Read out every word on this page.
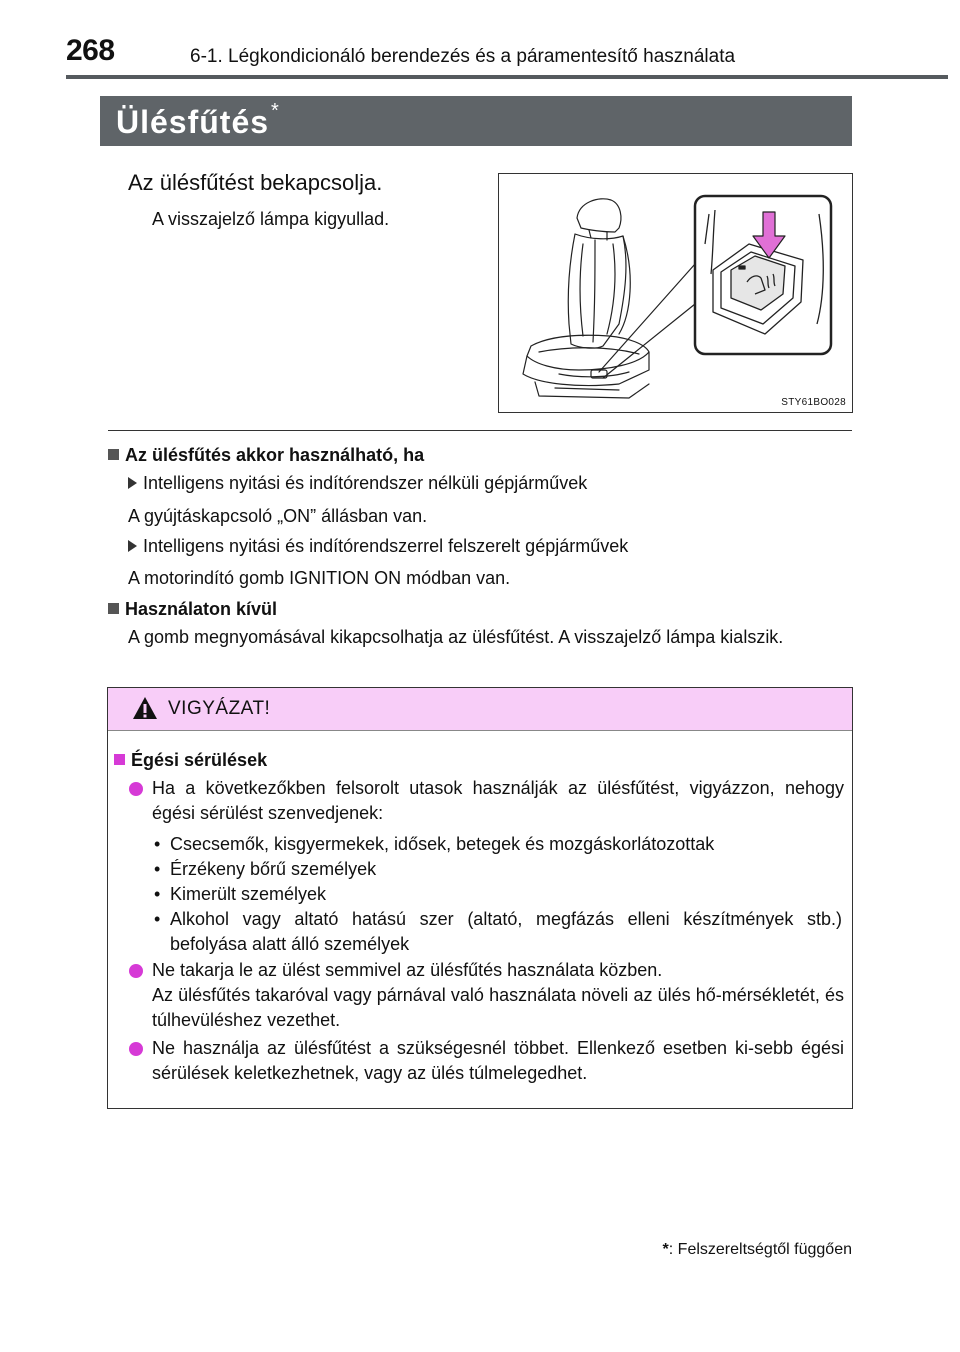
268	6-1. Légkondicionáló berendezés és a páramentesítő használata
Ülésfűtés *
Az ülésfűtést bekapcsolja.
A visszajelző lámpa kigyullad.
STY61BO028
Az ülésfűtés akkor használható, ha
Intelligens nyitási és indítórendszer nélküli gépjárművek
A gyújtáskapcsoló „ON” állásban van.
Intelligens nyitási és indítórendszerrel felszerelt gépjárművek
A motorindító gomb IGNITION ON módban van.
Használaton kívül
A gomb megnyomásával kikapcsolhatja az ülésfűtést. A visszajelző lámpa kialszik.
VIGYÁZAT!
Égési sérülések
Ha a következőkben felsorolt utasok használják az ülésfűtést, vigyázzon, nehogy égési sérülést szenvedjenek:
• Csecsemők, kisgyermekek, idősek, betegek és mozgáskorlátozottak
• Érzékeny bőrű személyek
• Kimerült személyek
• Alkohol vagy altató hatású szer (altató, megfázás elleni készítmények stb.) befolyása alatt álló személyek
Ne takarja le az ülést semmivel az ülésfűtés használata közben.
Az ülésfűtés takaróval vagy párnával való használata növeli az ülés hő-mérsékletét, és túlhevüléshez vezethet.
Ne használja az ülésfűtést a szükségesnél többet. Ellenkező esetben ki-sebb égési sérülések keletkezhetnek, vagy az ülés túlmelegedhet.
*: Felszereltségtől függően
